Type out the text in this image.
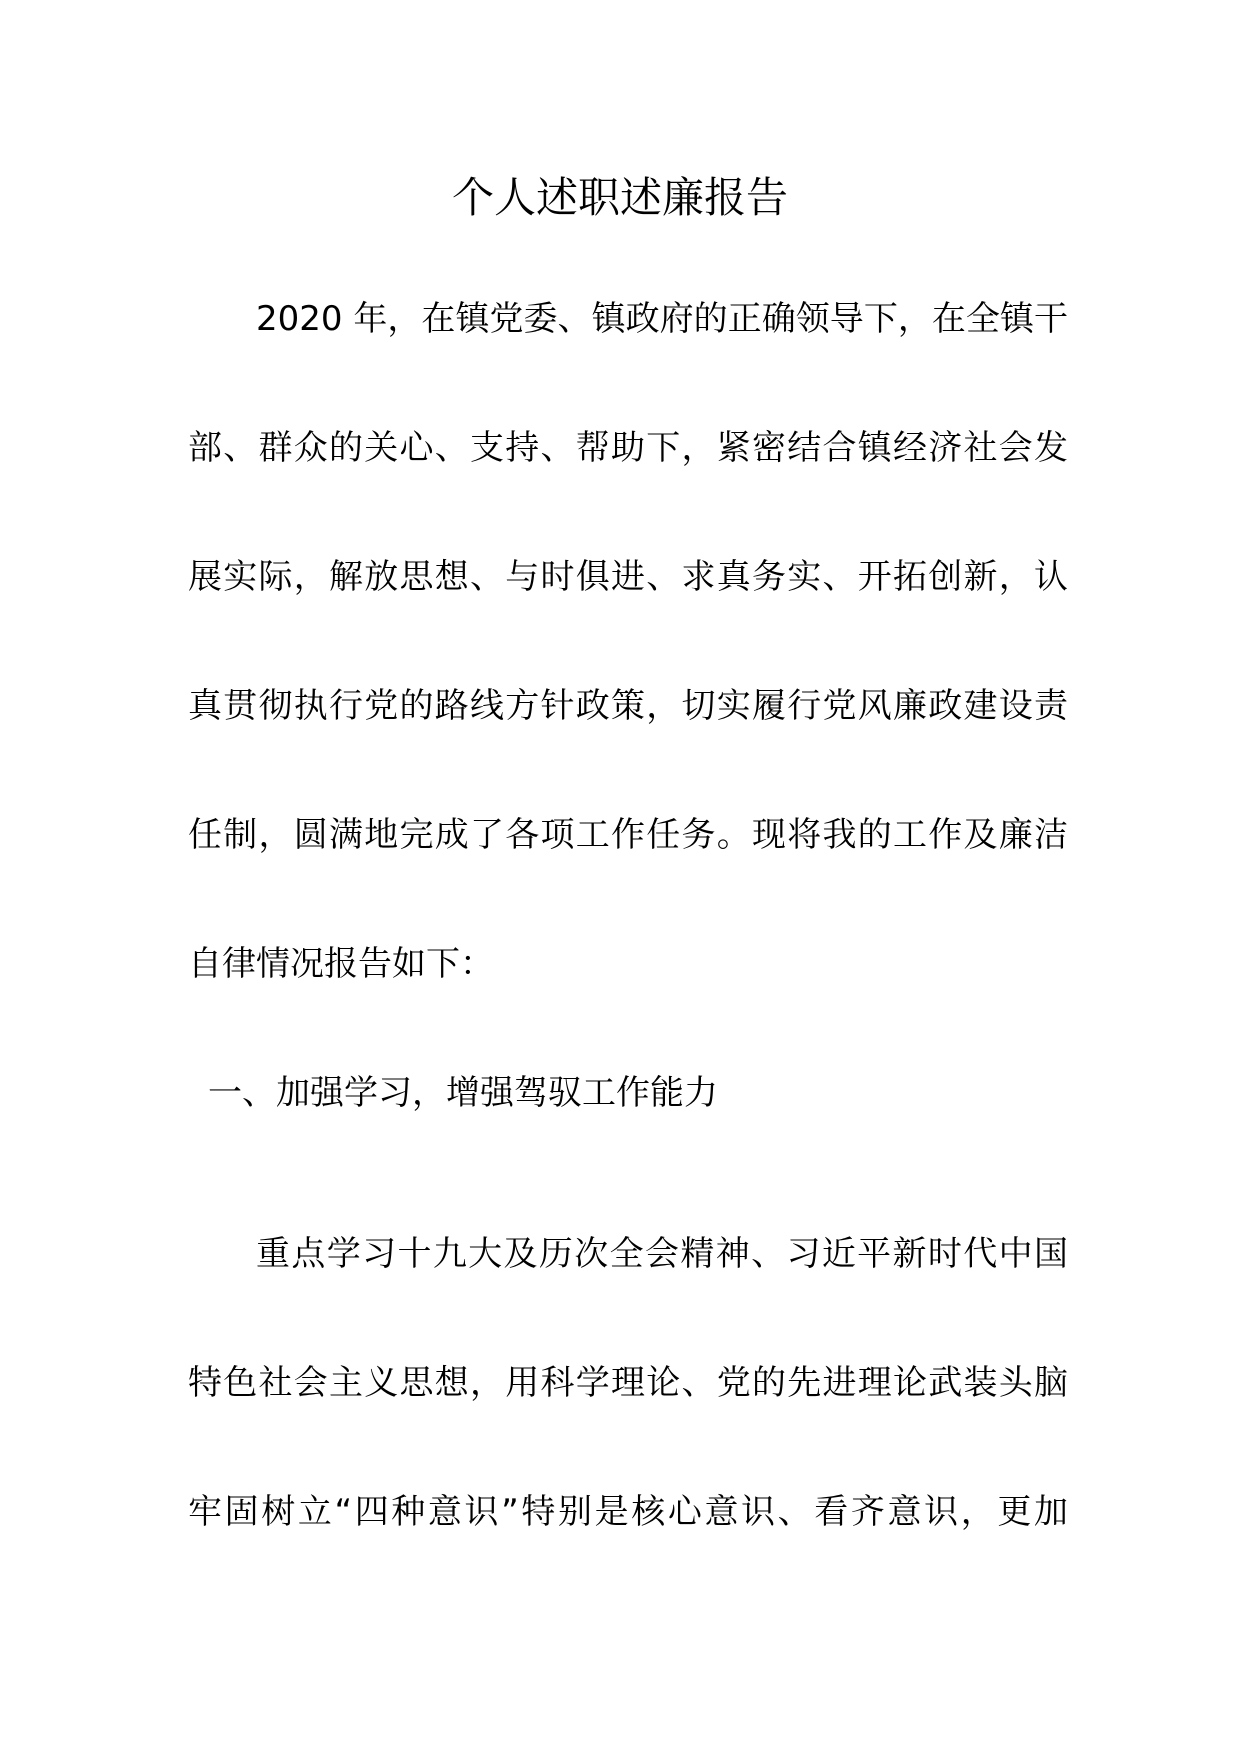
个人述职述廉报告
2020 年，在镇党委、镇政府的正确领导下，在全镇干
部、群众的关心、支持、帮助下，紧密结合镇经济社会发
展实际，解放思想、与时俱进、求真务实、开拓创新，认
真贯彻执行党的路线方针政策，切实履行党风廉政建设责
任制，圆满地完成了各项工作任务。现将我的工作及廉洁
自律情况报告如下：
一、加强学习，增强驾驭工作能力
重点学习十九大及历次全会精神、习近平新时代中国
特色社会主义思想，用科学理论、党的先进理论武装头脑
牢固树立“四种意识”特别是核心意识、看齐意识，更加
